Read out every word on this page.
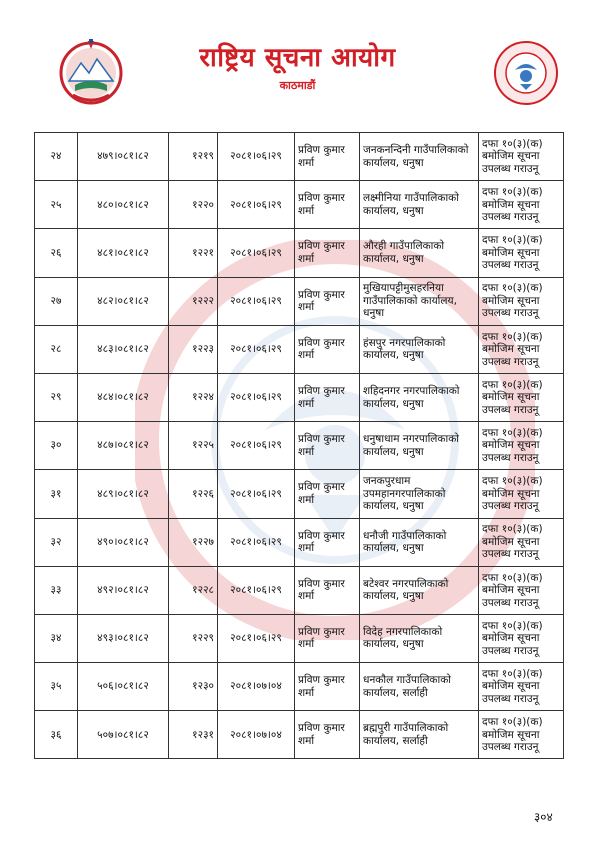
राष्ट्रिय सूचना आयोग
काठमाडौं
२४	४७९।०८१।८२	१२१९	२०८१।०६।२९	प्रविण कुमार शर्मा	जनकनन्दिनी गाउँपालिकाको कार्यालय, धनुषा	दफा १०(३)(क) बमोजिम सूचना उपलब्ध गराउनू
२५	४८०।०८१।८२	१२२०	२०८१।०६।२९	प्रविण कुमार शर्मा	लक्ष्मीनिया गाउँपालिकाको कार्यालय, धनुषा	दफा १०(३)(क) बमोजिम सूचना उपलब्ध गराउनू
२६	४८१।०८१।८२	१२२१	२०८१।०६।२९	प्रविण कुमार शर्मा	औरही गाउँपालिकाको कार्यालय, धनुषा	दफा १०(३)(क) बमोजिम सूचना उपलब्ध गराउनू
२७	४८२।०८१।८२	१२२२	२०८१।०६।२९	प्रविण कुमार शर्मा	मुखियापट्टीमुसहरनिया गाउँपालिकाको कार्यालय, धनुषा	दफा १०(३)(क) बमोजिम सूचना उपलब्ध गराउनू
२८	४८३।०८१।८२	१२२३	२०८१।०६।२९	प्रविण कुमार शर्मा	हंसपुर नगरपालिकाको कार्यालय, धनुषा	दफा १०(३)(क) बमोजिम सूचना उपलब्ध गराउनू
२९	४८४।०८१।८२	१२२४	२०८१।०६।२९	प्रविण कुमार शर्मा	शहिदनगर नगरपालिकाको कार्यालय, धनुषा	दफा १०(३)(क) बमोजिम सूचना उपलब्ध गराउनू
३०	४८७।०८१।८२	१२२५	२०८१।०६।२९	प्रविण कुमार शर्मा	धनुषाधाम नगरपालिकाको कार्यालय, धनुषा	दफा १०(३)(क) बमोजिम सूचना उपलब्ध गराउनू
३१	४८९।०८१।८२	१२२६	२०८१।०६।२९	प्रविण कुमार शर्मा	जनकपुरधाम उपमहानगरपालिकाको कार्यालय, धनुषा	दफा १०(३)(क) बमोजिम सूचना उपलब्ध गराउनू
३२	४९०।०८१।८२	१२२७	२०८१।०६।२९	प्रविण कुमार शर्मा	धनौजी गाउँपालिकाको कार्यालय, धनुषा	दफा १०(३)(क) बमोजिम सूचना उपलब्ध गराउनू
३३	४९२।०८१।८२	१२२८	२०८१।०६।२९	प्रविण कुमार शर्मा	बटेश्वर नगरपालिकाको कार्यालय, धनुषा	दफा १०(३)(क) बमोजिम सूचना उपलब्ध गराउनू
३४	४९३।०८१।८२	१२२९	२०८१।०६।२९	प्रविण कुमार शर्मा	विदेह नगरपालिकाको कार्यालय, धनुषा	दफा १०(३)(क) बमोजिम सूचना उपलब्ध गराउनू
३५	५०६।०८१।८२	१२३०	२०८१।०७।०४	प्रविण कुमार शर्मा	धनकौल गाउँपालिकाको कार्यालय, सर्लाही	दफा १०(३)(क) बमोजिम सूचना उपलब्ध गराउनू
३६	५०७।०८१।८२	१२३१	२०८१।०७।०४	प्रविण कुमार शर्मा	ब्रह्मपुरी गाउँपालिकाको कार्यालय, सर्लाही	दफा १०(३)(क) बमोजिम सूचना उपलब्ध गराउनू
३०४
